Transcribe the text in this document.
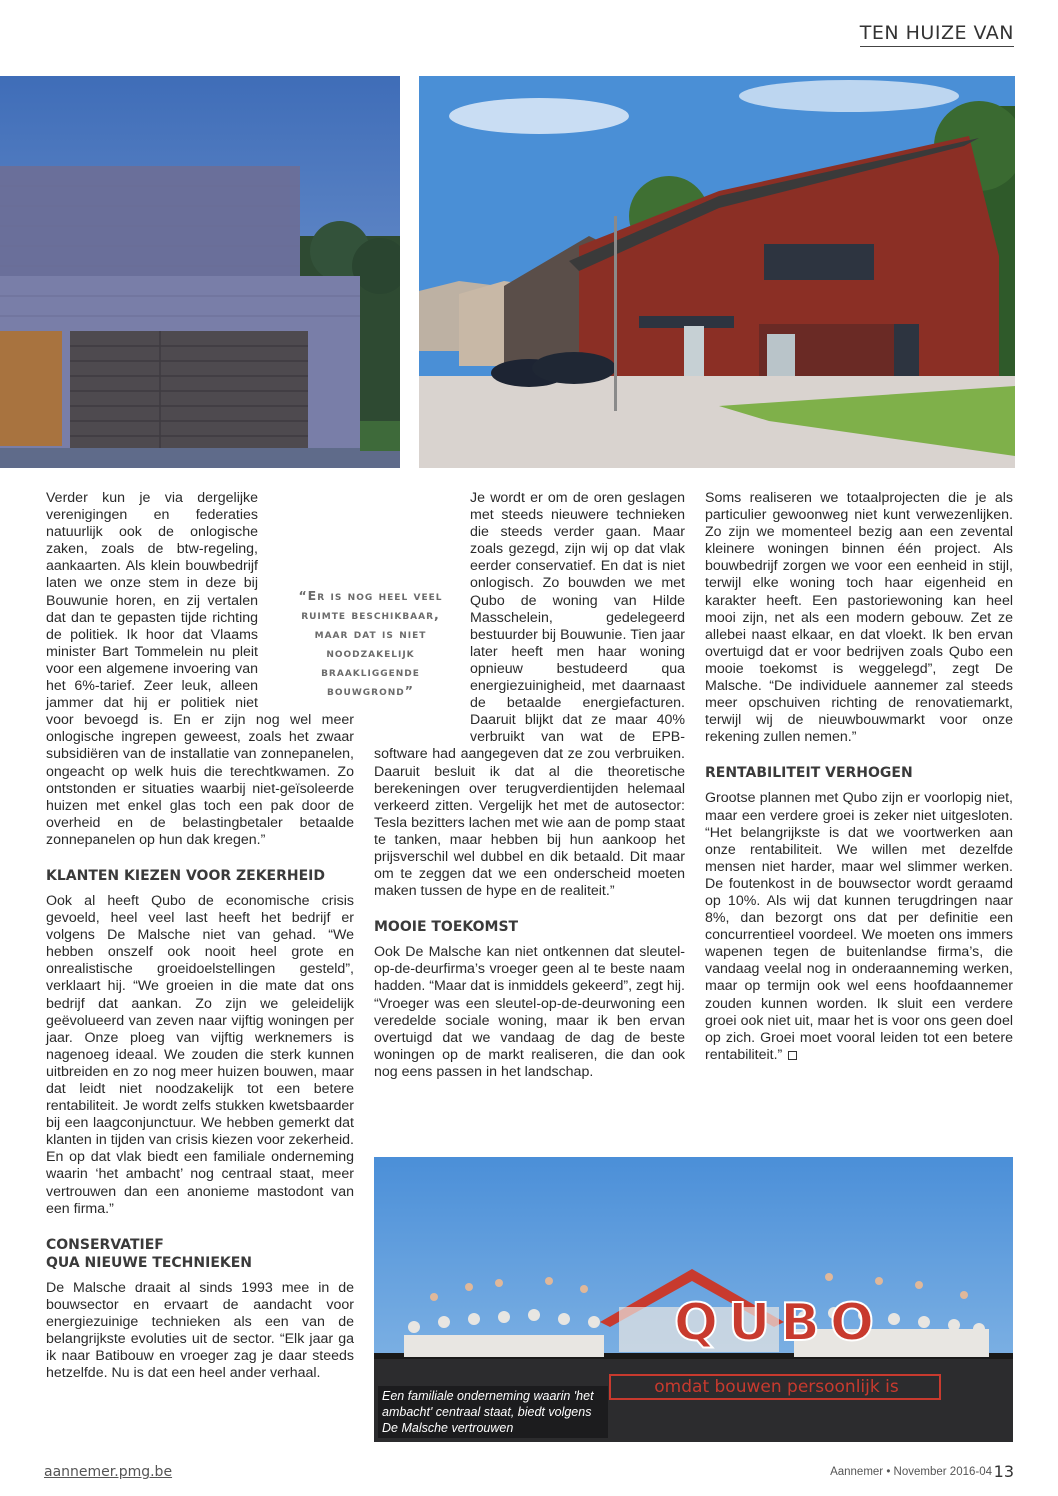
TEN HUIZE VAN

Verder kun je via dergelijke verenigingen en federaties natuurlijk ook de onlogische zaken, zoals de btw-regeling, aankaarten. Als klein bouwbedrijf laten we onze stem in deze bij Bouwunie horen, en zij vertalen dat dan te gepasten tijde richting de politiek. Ik hoor dat Vlaams minister Bart Tommelein nu pleit voor een algemene invoering van het 6%-tarief. Zeer leuk, alleen jammer dat hij er politiek niet voor bevoegd is. En er zijn nog wel meer onlogische ingrepen geweest, zoals het zwaar subsidiëren van de installatie van zonnepanelen, ongeacht op welk huis die terechtkwamen. Zo ontstonden er situaties waarbij niet-geïsoleerde huizen met enkel glas toch een pak door de overheid en de belastingbetaler betaalde zonnepanelen op hun dak kregen.”

KLANTEN KIEZEN VOOR ZEKERHEID

Ook al heeft Qubo de economische crisis gevoeld, heel veel last heeft het bedrijf er volgens De Malsche niet van gehad. “We hebben onszelf ook nooit heel grote en onrealistische groeidoelstellingen gesteld”, verklaart hij. “We groeien in die mate dat ons bedrijf dat aankan. Zo zijn we geleidelijk geëvolueerd van zeven naar vijftig woningen per jaar. Onze ploeg van vijftig werknemers is nagenoeg ideaal. We zouden die sterk kunnen uitbreiden en zo nog meer huizen bouwen, maar dat leidt niet noodzakelijk tot een betere rentabiliteit. Je wordt zelfs stukken kwetsbaarder bij een laagconjunctuur. We hebben gemerkt dat klanten in tijden van crisis kiezen voor zekerheid. En op dat vlak biedt een familiale onderneming waarin ‘het ambacht’ nog centraal staat, meer vertrouwen dan een anonieme mastodont van een firma.”

CONSERVATIEF
QUA NIEUWE TECHNIEKEN

De Malsche draait al sinds 1993 mee in de bouwsector en ervaart de aandacht voor energiezuinige technieken als een van de belangrijkste evoluties uit de sector. “Elk jaar ga ik naar Batibouw en vroeger zag je daar steeds hetzelfde. Nu is dat een heel ander verhaal.

Je wordt er om de oren geslagen met steeds nieuwere technieken die steeds verder gaan. Maar zoals gezegd, zijn wij op dat vlak eerder conservatief. En dat is niet onlogisch. Zo bouwden we met Qubo de woning van Hilde Masschelein, gedelegeerd bestuurder bij Bouwunie. Tien jaar later heeft men haar woning opnieuw bestudeerd qua energiezuinigheid, met daarnaast de betaalde energiefacturen. Daaruit blijkt dat ze maar 40% verbruikt van wat de EPB-software had aangegeven dat ze zou verbruiken. Daaruit besluit ik dat al die theoretische berekeningen over terugverdientijden helemaal verkeerd zitten. Vergelijk het met de autosector: Tesla bezitters lachen met wie aan de pomp staat te tanken, maar hebben bij hun aankoop het prijsverschil wel dubbel en dik betaald. Dit maar om te zeggen dat we een onderscheid moeten maken tussen de hype en de realiteit.”

MOOIE TOEKOMST

Ook De Malsche kan niet ontkennen dat sleutel-op-de-deurfirma’s vroeger geen al te beste naam hadden. “Maar dat is inmiddels gekeerd”, zegt hij. “Vroeger was een sleutel-op-de-deurwoning een veredelde sociale woning, maar ik ben ervan overtuigd dat we vandaag de dag de beste woningen op de markt realiseren, die dan ook nog eens passen in het landschap.

Soms realiseren we totaalprojecten die je als particulier gewoonweg niet kunt verwezenlijken. Zo zijn we momenteel bezig aan een zevental kleinere woningen binnen één project. Als bouwbedrijf zorgen we voor een eenheid in stijl, terwijl elke woning toch haar eigenheid en karakter heeft. Een pastoriewoning kan heel mooi zijn, net als een modern gebouw. Zet ze allebei naast elkaar, en dat vloekt. Ik ben ervan overtuigd dat er voor bedrijven zoals Qubo een mooie toekomst is weggelegd”, zegt De Malsche. “De individuele aannemer zal steeds meer opschuiven richting de renovatiemarkt, terwijl wij de nieuwbouwmarkt voor onze rekening zullen nemen.”

RENTABILITEIT VERHOGEN

Grootse plannen met Qubo zijn er voorlopig niet, maar een verdere groei is zeker niet uitgesloten. “Het belangrijkste is dat we voortwerken aan onze rentabiliteit. We willen met dezelfde mensen niet harder, maar wel slimmer werken. De foutenkost in de bouwsector wordt geraamd op 10%. Als wij dat kunnen terugdringen naar 8%, dan bezorgt ons dat per definitie een concurrentieel voordeel. We moeten ons immers wapenen tegen de buitenlandse firma’s, die vandaag veelal nog in onderaanneming werken, maar op termijn ook wel eens hoofdaannemer zouden kunnen worden. Ik sluit een verdere groei ook niet uit, maar het is voor ons geen doel op zich. Groei moet vooral leiden tot een betere rentabiliteit.”

QUBO
omdat bouwen persoonlijk is
Een familiale onderneming waarin 'het ambacht' centraal staat, biedt volgens De Malsche vertrouwen
“Er is nog heel veel ruimte beschikbaar, maar dat is niet noodzakelijk braakliggende bouwgrond”
aannemer.pmg.be	Aannemer • November 2016-04 13
